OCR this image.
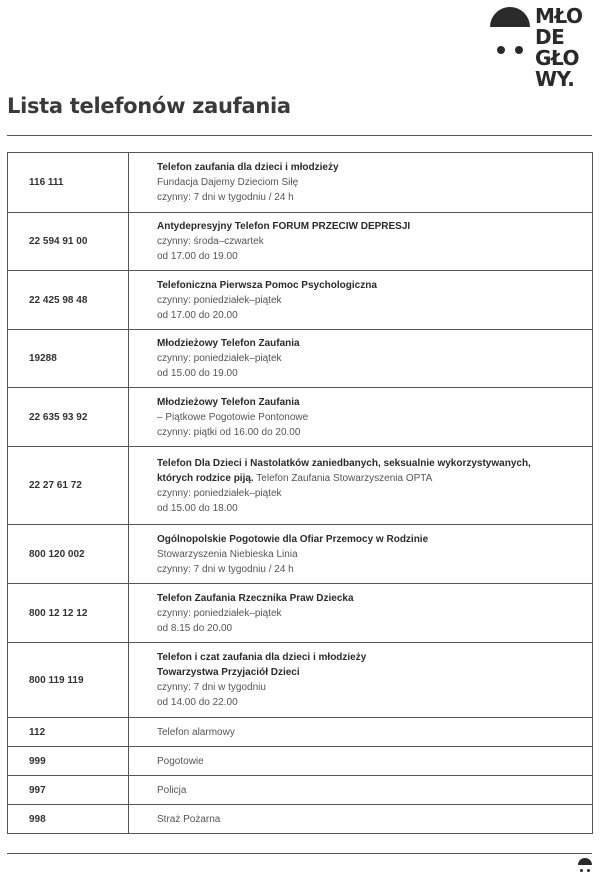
MŁO
DE
GŁO
WY.
Lista telefonów zaufania
116 111	Telefon zaufania dla dzieci i młodzieży
Fundacja Dajemy Dzieciom Siłę
czynny: 7 dni w tygodniu / 24 h

22 594 91 00	Antydepresyjny Telefon FORUM PRZECIW DEPRESJI
czynny: środa–czwartek
od 17.00 do 19.00

22 425 98 48	Telefoniczna Pierwsza Pomoc Psychologiczna
czynny: poniedziałek–piątek
od 17.00 do 20.00

19288	Młodzieżowy Telefon Zaufania
czynny: poniedziałek–piątek
od 15.00 do 19.00

22 635 93 92	Młodzieżowy Telefon Zaufania
– Piątkowe Pogotowie Pontonowe
czynny: piątki od 16.00 do 20.00

22 27 61 72	Telefon Dla Dzieci i Nastolatków zaniedbanych, seksualnie wykorzystywanych,
których rodzice piją. Telefon Zaufania Stowarzyszenia OPTA
czynny: poniedziałek–piątek
od 15.00 do 18.00

800 120 002	Ogólnopolskie Pogotowie dla Ofiar Przemocy w Rodzinie
Stowarzyszenia Niebieska Linia
czynny: 7 dni w tygodniu / 24 h

800 12 12 12	Telefon Zaufania Rzecznika Praw Dziecka
czynny: poniedziałek–piątek
od 8.15 do 20.00

800 119 119	Telefon i czat zaufania dla dzieci i młodzieży
Towarzystwa Przyjaciół Dzieci
czynny: 7 dni w tygodniu
od 14.00 do 22.00

112	Telefon alarmowy

999	Pogotowie

997	Policja

998	Straż Pożarna
